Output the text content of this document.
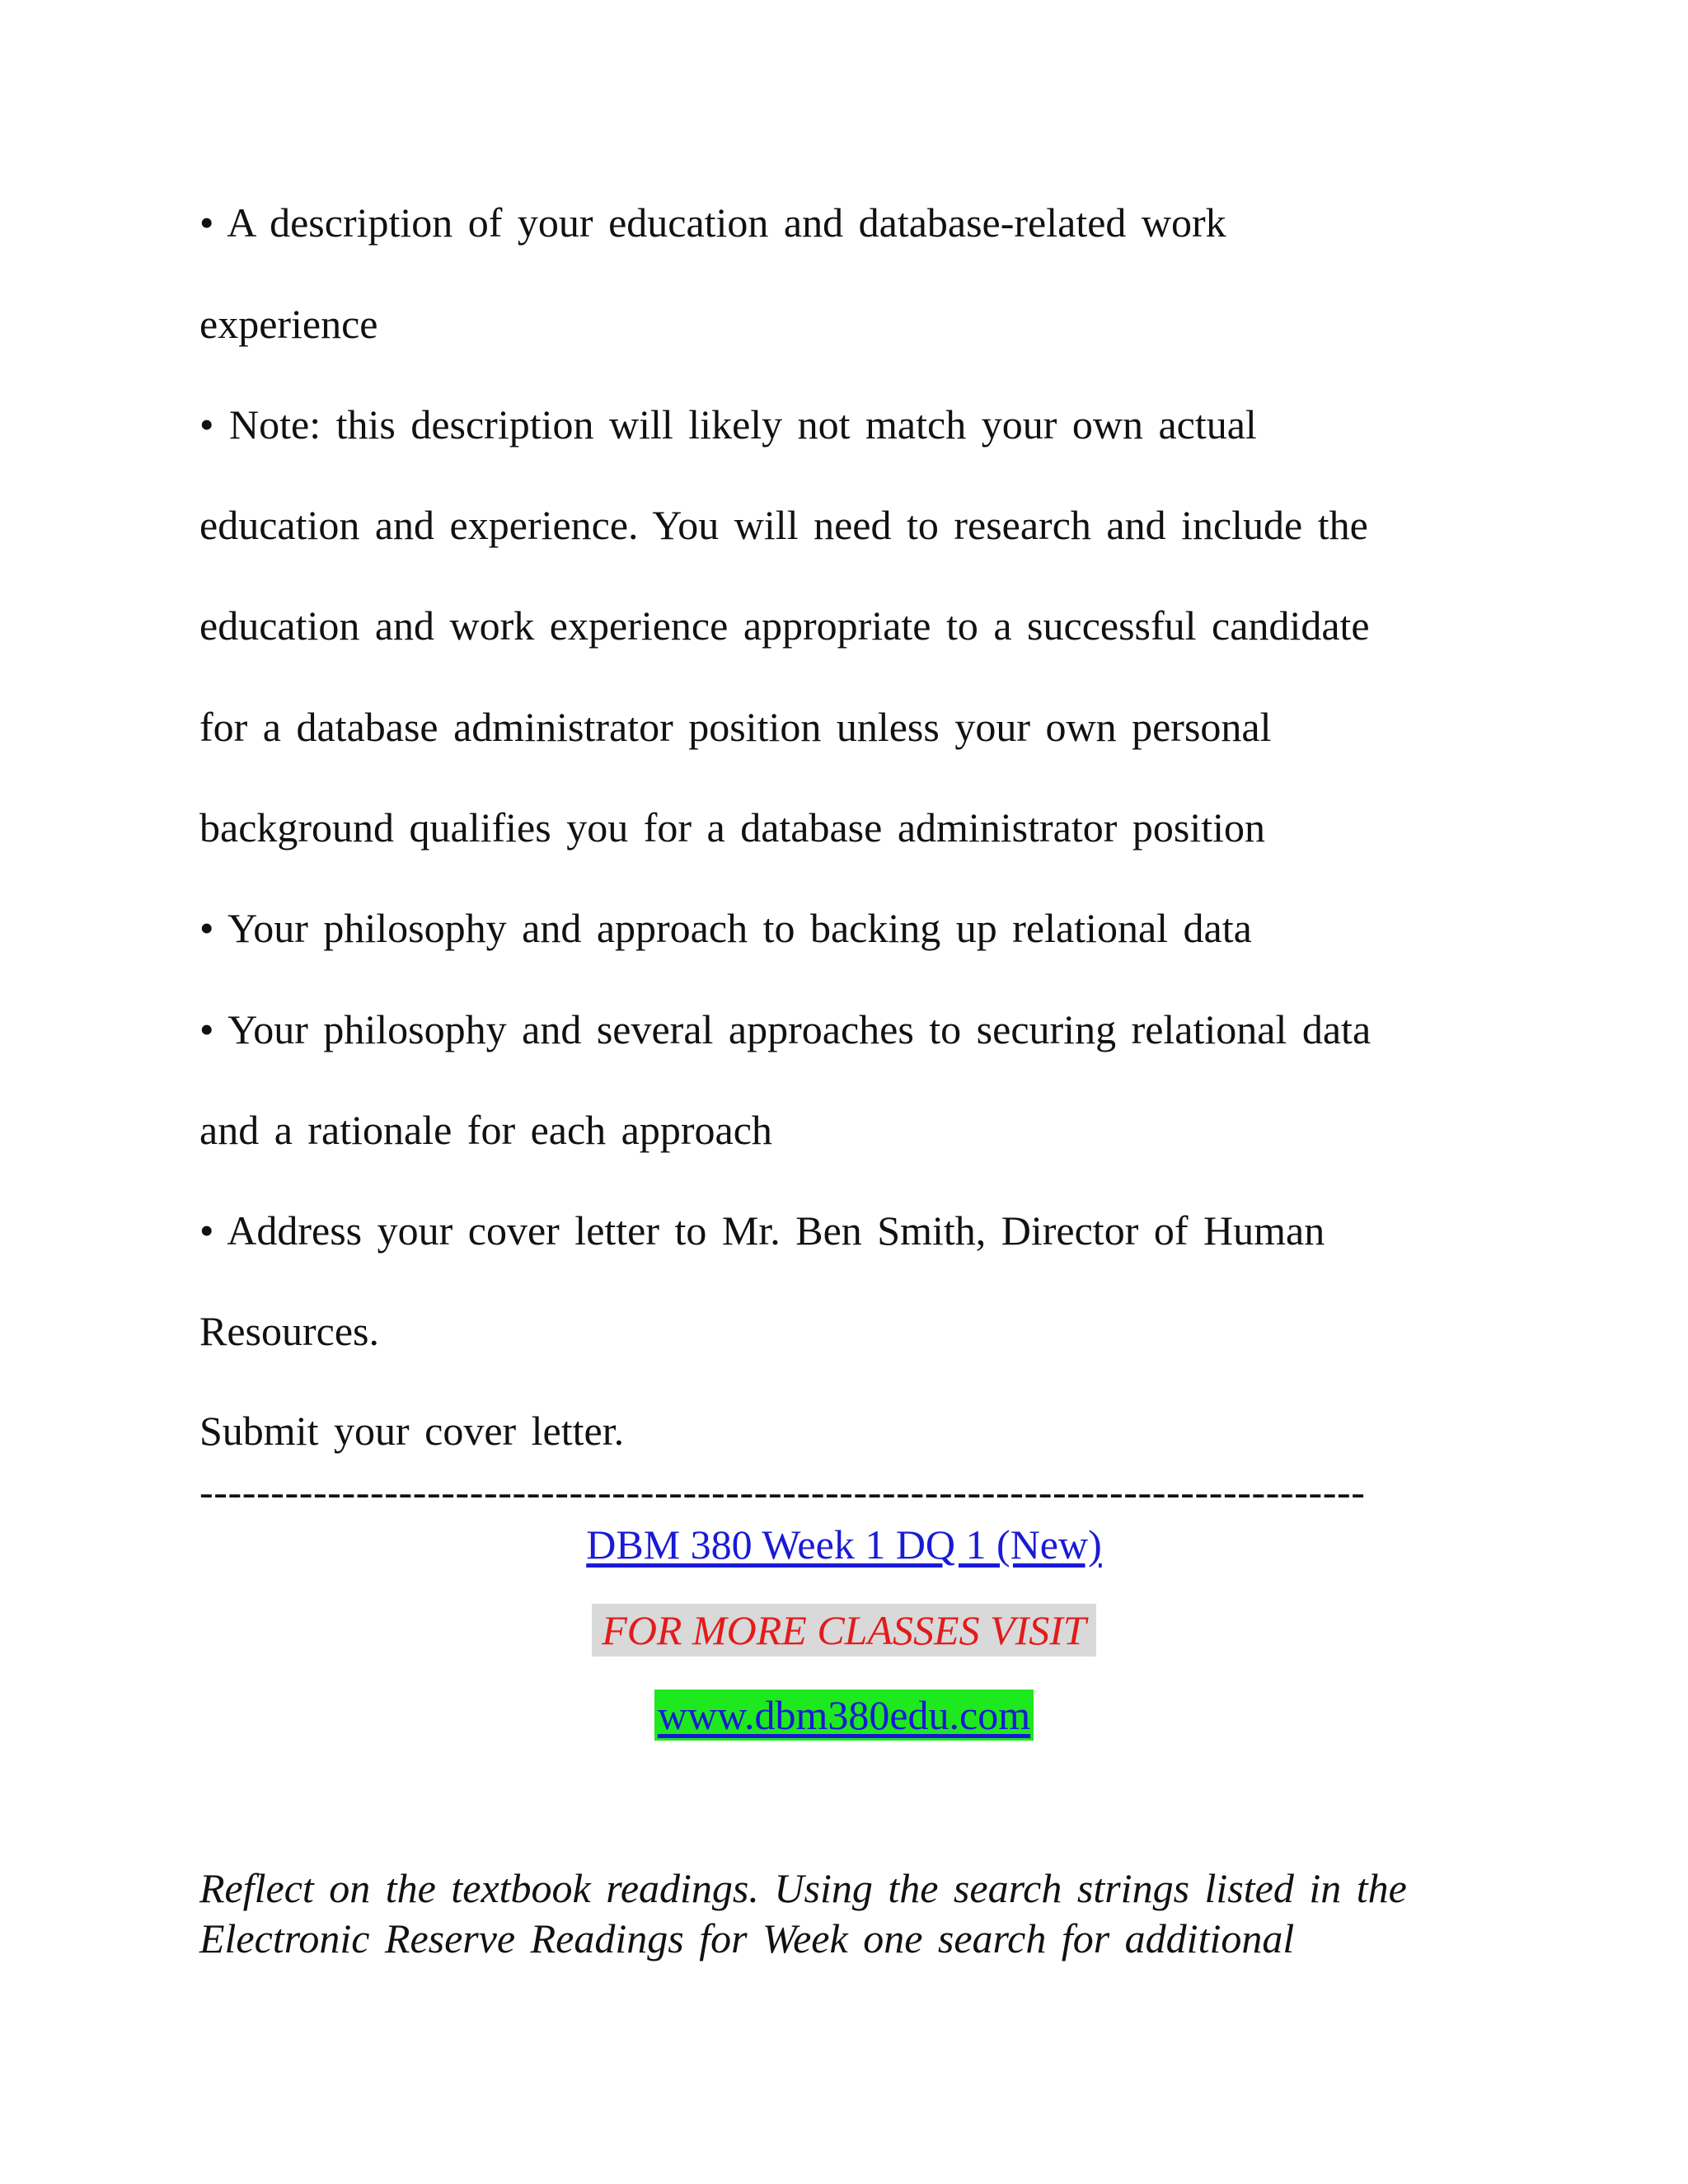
• A description of your education and database-related work
experience
• Note: this description will likely not match your own actual
education and experience. You will need to research and include the
education and work experience appropriate to a successful candidate
for a database administrator position unless your own personal
background qualifies you for a database administrator position
• Your philosophy and approach to backing up relational data
• Your philosophy and several approaches to securing relational data
and a rationale for each approach
• Address your cover letter to Mr. Ben Smith, Director of Human
Resources.
Submit your cover letter.
----------------------------------------------------------------------------------
DBM 380 Week 1 DQ 1 (New)
FOR MORE CLASSES VISIT
www.dbm380edu.com
Reflect on the textbook readings. Using the search strings listed in the
Electronic Reserve Readings for Week one search for additional
